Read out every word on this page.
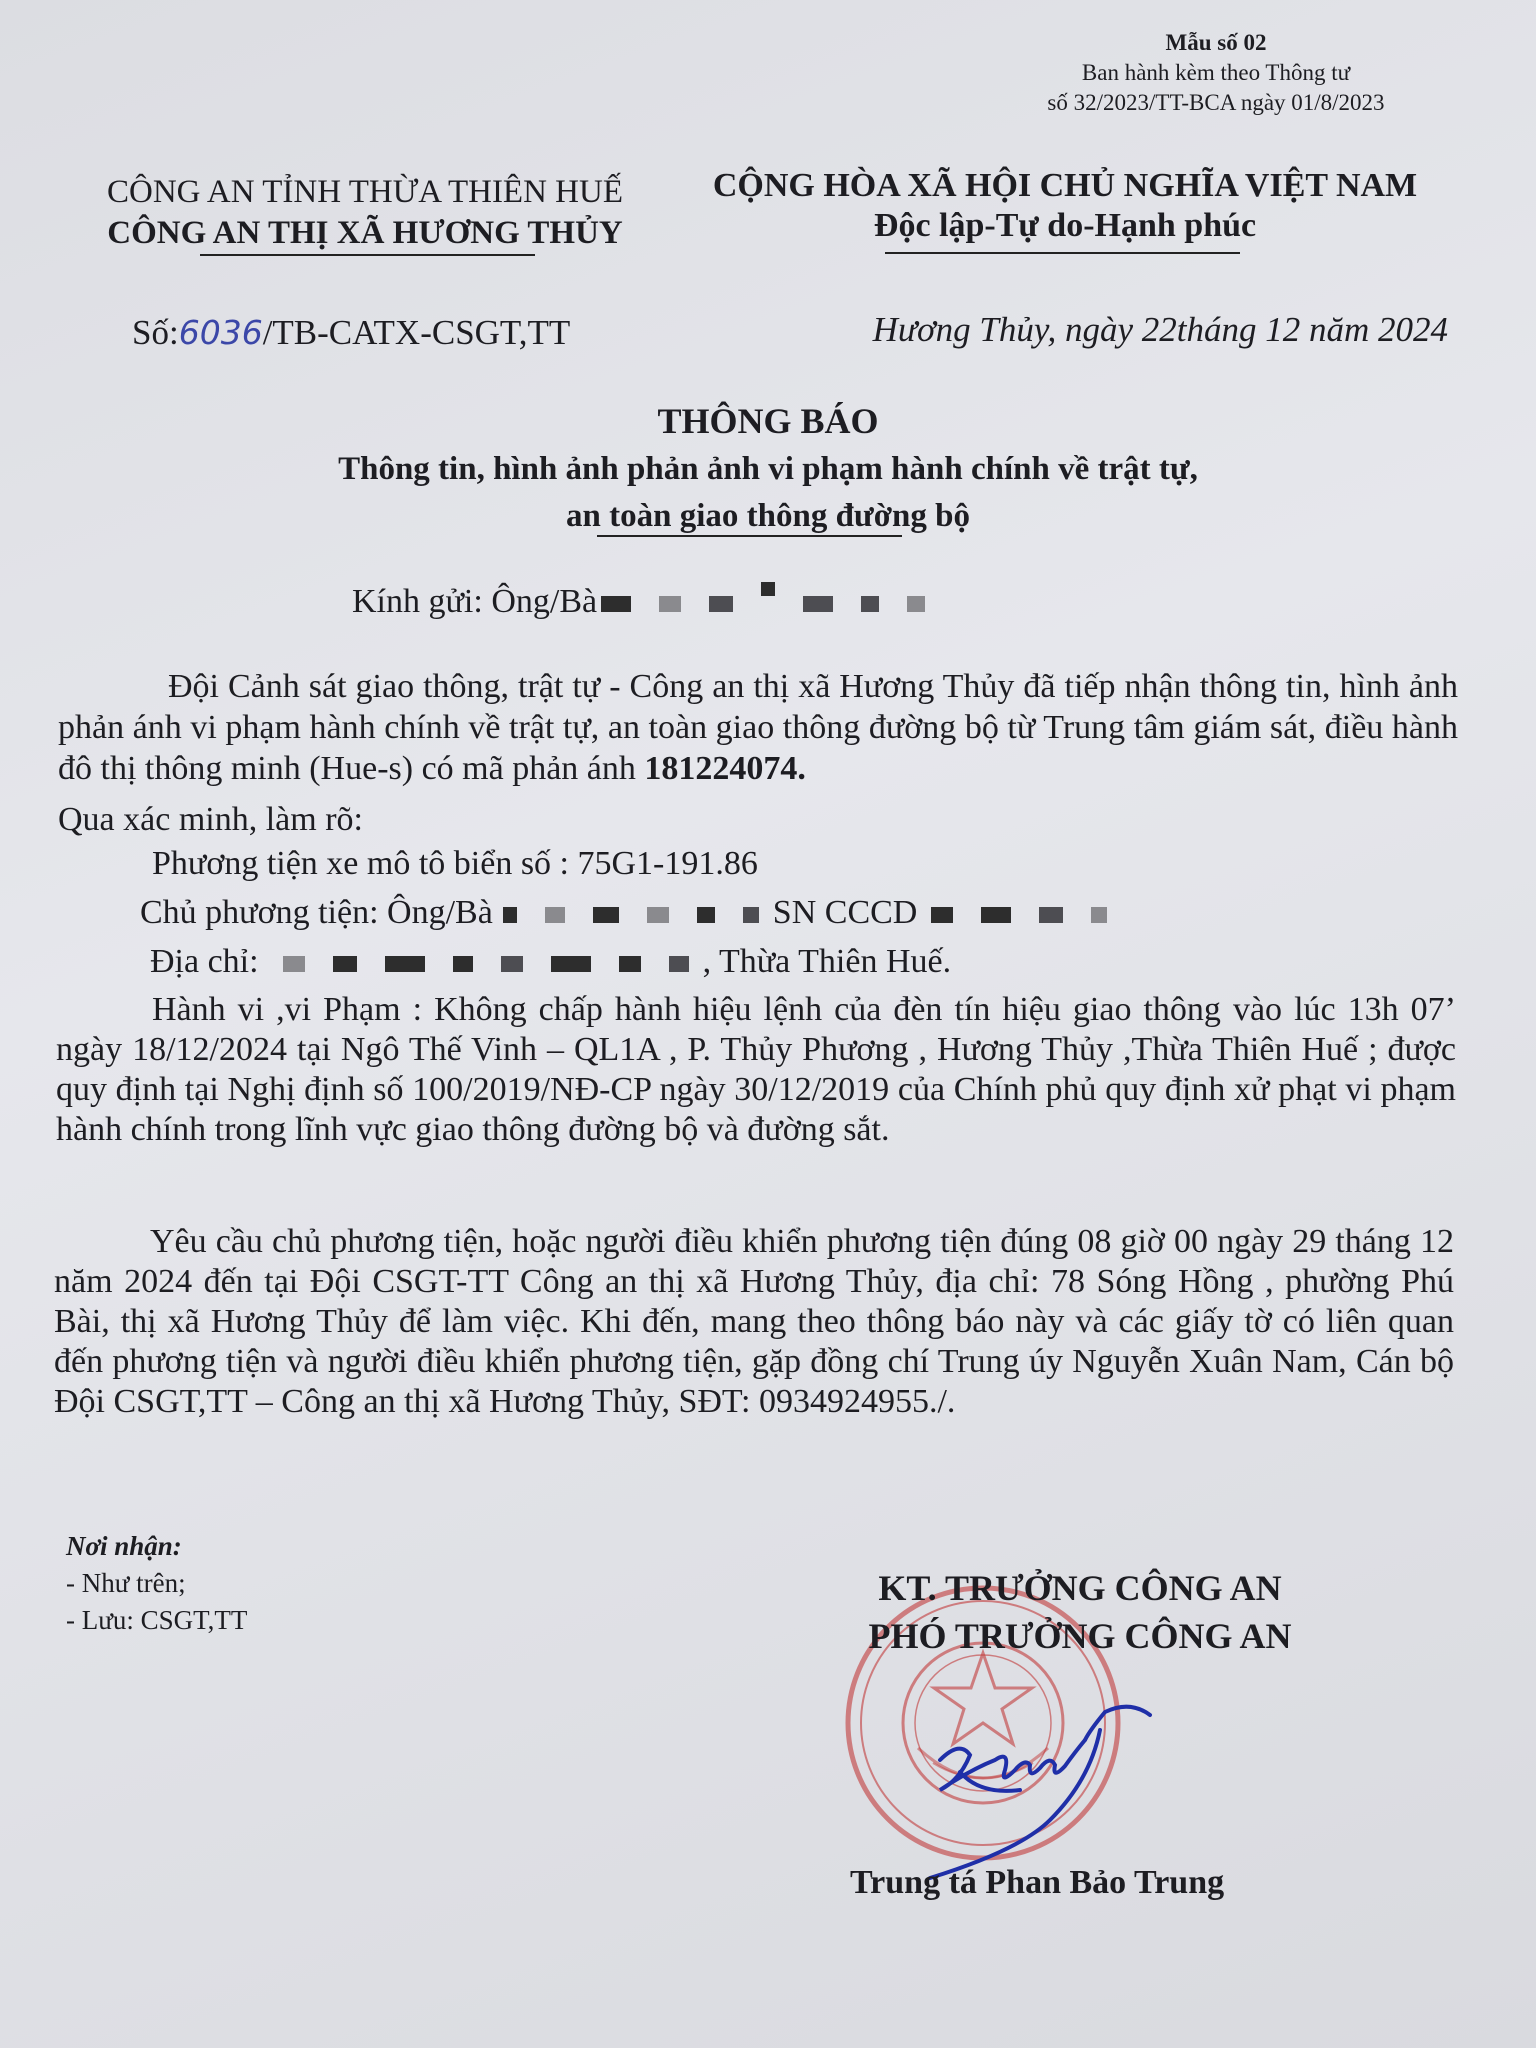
Mẫu số 02
Ban hành kèm theo Thông tư
số 32/2023/TT-BCA ngày 01/8/2023
CÔNG AN TỈNH THỪA THIÊN HUẾ
CÔNG AN THỊ XÃ HƯƠNG THỦY
CỘNG HÒA XÃ HỘI CHỦ NGHĨA VIỆT NAM
Độc lập-Tự do-Hạnh phúc
Số:6036/TB-CATX-CSGT,TT	Hương Thủy, ngày 22tháng 12 năm 2024
THÔNG BÁO
Thông tin, hình ảnh phản ảnh vi phạm hành chính về trật tự,
an toàn giao thông đường bộ
Kính gửi: Ông/Bà
Đội Cảnh sát giao thông, trật tự - Công an thị xã Hương Thủy đã tiếp nhận thông tin, hình ảnh phản ánh vi phạm hành chính về trật tự, an toàn giao thông đường bộ từ Trung tâm giám sát, điều hành đô thị thông minh (Hue-s) có mã phản ánh 181224074.
Qua xác minh, làm rõ:
Phương tiện xe mô tô biển số : 75G1-191.86
Chủ phương tiện: Ông/Bà	SN CCCD
Địa chỉ:	, Thừa Thiên Huế.
Hành vi ,vi Phạm : Không chấp hành hiệu lệnh của đèn tín hiệu giao thông vào lúc 13h 07’ ngày 18/12/2024 tại Ngô Thế Vinh – QL1A , P. Thủy Phương , Hương Thủy ,Thừa Thiên Huế ; được quy định tại Nghị định số 100/2019/NĐ-CP ngày 30/12/2019 của Chính phủ quy định xử phạt vi phạm hành chính trong lĩnh vực giao thông đường bộ và đường sắt.
Yêu cầu chủ phương tiện, hoặc người điều khiển phương tiện đúng 08 giờ 00 ngày 29 tháng 12 năm 2024 đến tại Đội CSGT-TT Công an thị xã Hương Thủy, địa chỉ: 78 Sóng Hồng , phường Phú Bài, thị xã Hương Thủy để làm việc. Khi đến, mang theo thông báo này và các giấy tờ có liên quan đến phương tiện và người điều khiển phương tiện, gặp đồng chí Trung úy Nguyễn Xuân Nam, Cán bộ Đội CSGT,TT – Công an thị xã Hương Thủy, SĐT: 0934924955./.
Nơi nhận:
- Như trên;
- Lưu: CSGT,TT
KT. TRƯỞNG CÔNG AN
PHÓ TRƯỞNG CÔNG AN
Trung tá Phan Bảo Trung
